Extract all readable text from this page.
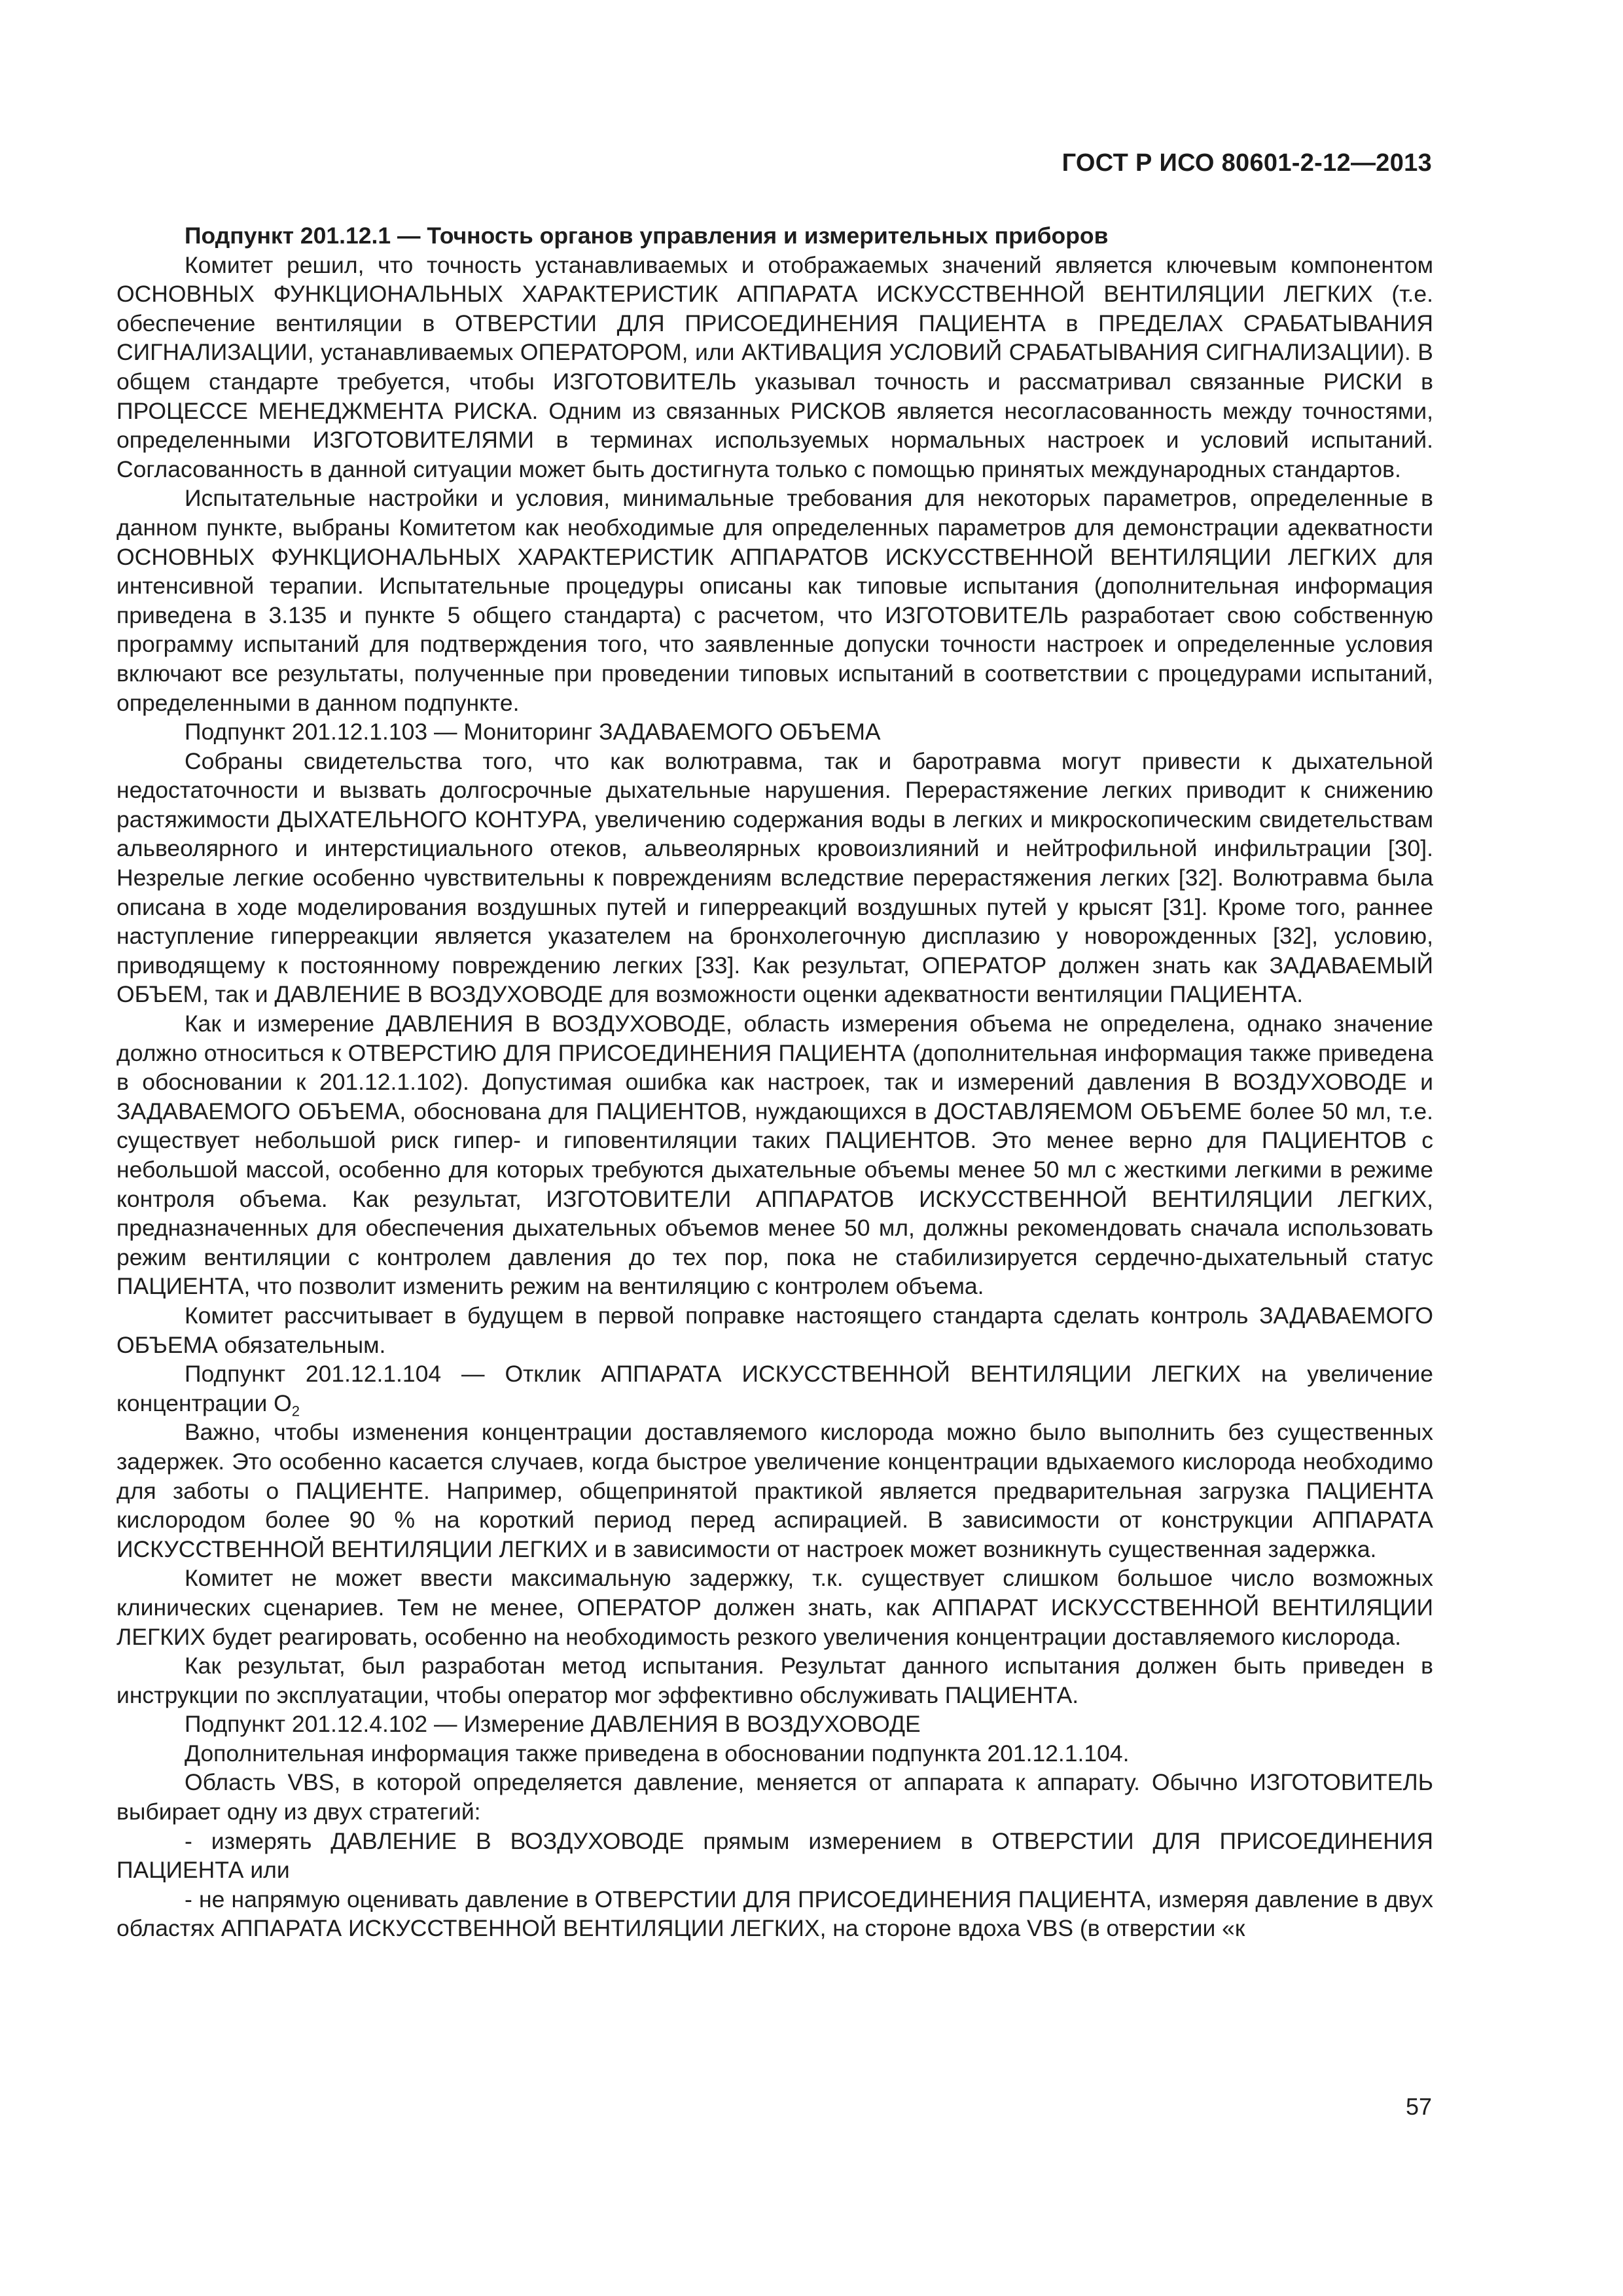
ГОСТ Р ИСО 80601-2-12—2013

Подпункт 201.12.1 — Точность органов управления и измерительных приборов

Комитет решил, что точность устанавливаемых и отображаемых значений является ключевым компонентом ОСНОВНЫХ ФУНКЦИОНАЛЬНЫХ ХАРАКТЕРИСТИК АППАРАТА ИСКУССТВЕННОЙ ВЕНТИЛЯЦИИ ЛЕГКИХ (т.е. обеспечение вентиляции в ОТВЕРСТИИ ДЛЯ ПРИСОЕДИНЕНИЯ ПАЦИЕНТА в ПРЕДЕЛАХ СРАБАТЫВАНИЯ СИГНАЛИЗАЦИИ, устанавливаемых ОПЕРАТОРОМ, или АКТИВАЦИЯ УСЛОВИЙ СРАБАТЫВАНИЯ СИГНАЛИЗАЦИИ). В общем стандарте требуется, чтобы ИЗГОТОВИТЕЛЬ указывал точность и рассматривал связанные РИСКИ в ПРОЦЕССЕ МЕНЕДЖМЕНТА РИСКА. Одним из связанных РИСКОВ является несогласованность между точностями, определенными ИЗГОТОВИТЕЛЯМИ в терминах используемых нормальных настроек и условий испытаний. Согласованность в данной ситуации может быть достигнута только с помощью принятых международных стандартов.

Испытательные настройки и условия, минимальные требования для некоторых параметров, определенные в данном пункте, выбраны Комитетом как необходимые для определенных параметров для демонстрации адекватности ОСНОВНЫХ ФУНКЦИОНАЛЬНЫХ ХАРАКТЕРИСТИК АППАРАТОВ ИСКУССТВЕННОЙ ВЕНТИЛЯЦИИ ЛЕГКИХ для интенсивной терапии. Испытательные процедуры описаны как типовые испытания (дополнительная информация приведена в 3.135 и пункте 5 общего стандарта) с расчетом, что ИЗГОТОВИТЕЛЬ разработает свою собственную программу испытаний для подтверждения того, что заявленные допуски точности настроек и определенные условия включают все результаты, полученные при проведении типовых испытаний в соответствии с процедурами испытаний, определенными в данном подпункте.

Подпункт 201.12.1.103 — Мониторинг ЗАДАВАЕМОГО ОБЪЕМА

Собраны свидетельства того, что как волютравма, так и баротравма могут привести к дыхательной недостаточности и вызвать долгосрочные дыхательные нарушения. Перерастяжение легких приводит к снижению растяжимости ДЫХАТЕЛЬНОГО КОНТУРА, увеличению содержания воды в легких и микроскопическим свидетельствам альвеолярного и интерстициального отеков, альвеолярных кровоизлияний и нейтрофильной инфильтрации [30]. Незрелые легкие особенно чувствительны к повреждениям вследствие перерастяжения легких [32]. Волютравма была описана в ходе моделирования воздушных путей и гиперреакций воздушных путей у крысят [31]. Кроме того, раннее наступление гиперреакции является указателем на бронхолегочную дисплазию у новорожденных [32], условию, приводящему к постоянному повреждению легких [33]. Как результат, ОПЕРАТОР должен знать как ЗАДАВАЕМЫЙ ОБЪЕМ, так и ДАВЛЕНИЕ В ВОЗДУХОВОДЕ для возможности оценки адекватности вентиляции ПАЦИЕНТА.

Как и измерение ДАВЛЕНИЯ В ВОЗДУХОВОДЕ, область измерения объема не определена, однако значение должно относиться к ОТВЕРСТИЮ ДЛЯ ПРИСОЕДИНЕНИЯ ПАЦИЕНТА (дополнительная информация также приведена в обосновании к 201.12.1.102). Допустимая ошибка как настроек, так и измерений давления В ВОЗДУХОВОДЕ и ЗАДАВАЕМОГО ОБЪЕМА, обоснована для ПАЦИЕНТОВ, нуждающихся в ДОСТАВЛЯЕМОМ ОБЪЕМЕ более 50 мл, т.е. существует небольшой риск гипер- и гиповентиляции таких ПАЦИЕНТОВ. Это менее верно для ПАЦИЕНТОВ с небольшой массой, особенно для которых требуются дыхательные объемы менее 50 мл с жесткими легкими в режиме контроля объема. Как результат, ИЗГОТОВИТЕЛИ АППАРАТОВ ИСКУССТВЕННОЙ ВЕНТИЛЯЦИИ ЛЕГКИХ, предназначенных для обеспечения дыхательных объемов менее 50 мл, должны рекомендовать сначала использовать режим вентиляции с контролем давления до тех пор, пока не стабилизируется сердечно-дыхательный статус ПАЦИЕНТА, что позволит изменить режим на вентиляцию с контролем объема.

Комитет рассчитывает в будущем в первой поправке настоящего стандарта сделать контроль ЗАДАВАЕМОГО ОБЪЕМА обязательным.

Подпункт 201.12.1.104 — Отклик АППАРАТА ИСКУССТВЕННОЙ ВЕНТИЛЯЦИИ ЛЕГКИХ на увеличение концентрации $O_2$

Важно, чтобы изменения концентрации доставляемого кислорода можно было выполнить без существенных задержек. Это особенно касается случаев, когда быстрое увеличение концентрации вдыхаемого кислорода необходимо для заботы о ПАЦИЕНТЕ. Например, общепринятой практикой является предварительная загрузка ПАЦИЕНТА кислородом более 90 % на короткий период перед аспирацией. В зависимости от конструкции АППАРАТА ИСКУССТВЕННОЙ ВЕНТИЛЯЦИИ ЛЕГКИХ и в зависимости от настроек может возникнуть существенная задержка.

Комитет не может ввести максимальную задержку, т.к. существует слишком большое число возможных клинических сценариев. Тем не менее, ОПЕРАТОР должен знать, как АППАРАТ ИСКУССТВЕННОЙ ВЕНТИЛЯЦИИ ЛЕГКИХ будет реагировать, особенно на необходимость резкого увеличения концентрации доставляемого кислорода.

Как результат, был разработан метод испытания. Результат данного испытания должен быть приведен в инструкции по эксплуатации, чтобы оператор мог эффективно обслуживать ПАЦИЕНТА.

Подпункт 201.12.4.102 — Измерение ДАВЛЕНИЯ В ВОЗДУХОВОДЕ

Дополнительная информация также приведена в обосновании подпункта 201.12.1.104.

Область VBS, в которой определяется давление, меняется от аппарата к аппарату. Обычно ИЗГОТОВИТЕЛЬ выбирает одну из двух стратегий:

- измерять ДАВЛЕНИЕ В ВОЗДУХОВОДЕ прямым измерением в ОТВЕРСТИИ ДЛЯ ПРИСОЕДИНЕНИЯ ПАЦИЕНТА или

- не напрямую оценивать давление в ОТВЕРСТИИ ДЛЯ ПРИСОЕДИНЕНИЯ ПАЦИЕНТА, измеряя давление в двух областях АППАРАТА ИСКУССТВЕННОЙ ВЕНТИЛЯЦИИ ЛЕГКИХ, на стороне вдоха VBS (в отверстии «к

57
